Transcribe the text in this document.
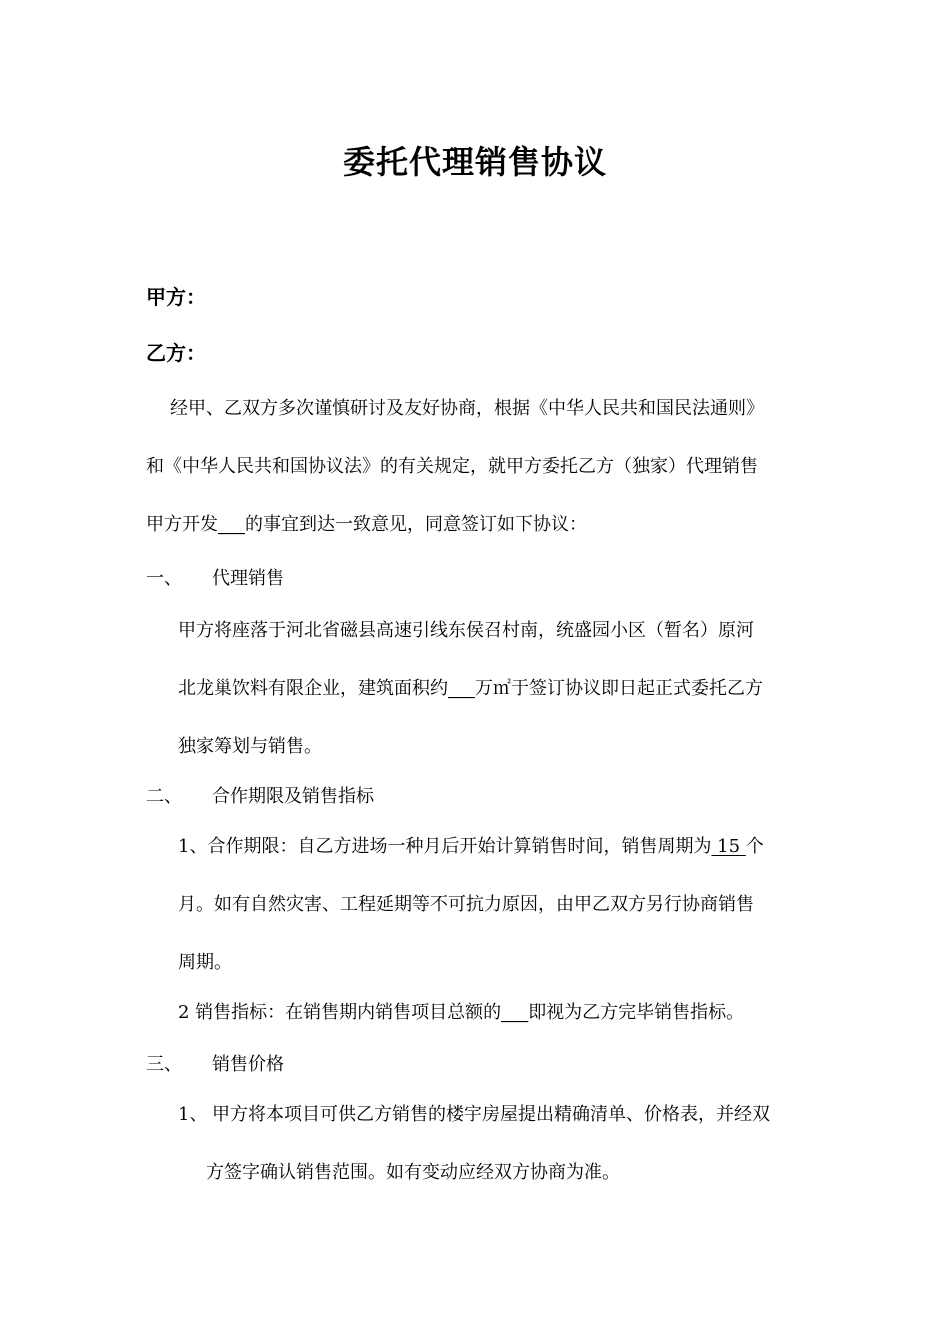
委托代理销售协议
甲方：
乙方：
经甲、乙双方多次谨慎研讨及友好协商，根据《中华人民共和国民法通则》
和《中华人民共和国协议法》的有关规定，就甲方委托乙方（独家）代理销售
甲方开发___的事宜到达一致意见，同意签订如下协议：
一、 代理销售
甲方将座落于河北省磁县高速引线东侯召村南，统盛园小区（暂名）原河
北龙巢饮料有限企业，建筑面积约___万㎡于签订协议即日起正式委托乙方
独家筹划与销售。
二、 合作期限及销售指标
1、合作期限：自乙方进场一种月后开始计算销售时间，销售周期为 15 个
月。如有自然灾害、工程延期等不可抗力原因，由甲乙双方另行协商销售
周期。
2 销售指标：在销售期内销售项目总额的___即视为乙方完毕销售指标。
三、 销售价格
1、 甲方将本项目可供乙方销售的楼宇房屋提出精确清单、价格表，并经双
方签字确认销售范围。如有变动应经双方协商为准。
